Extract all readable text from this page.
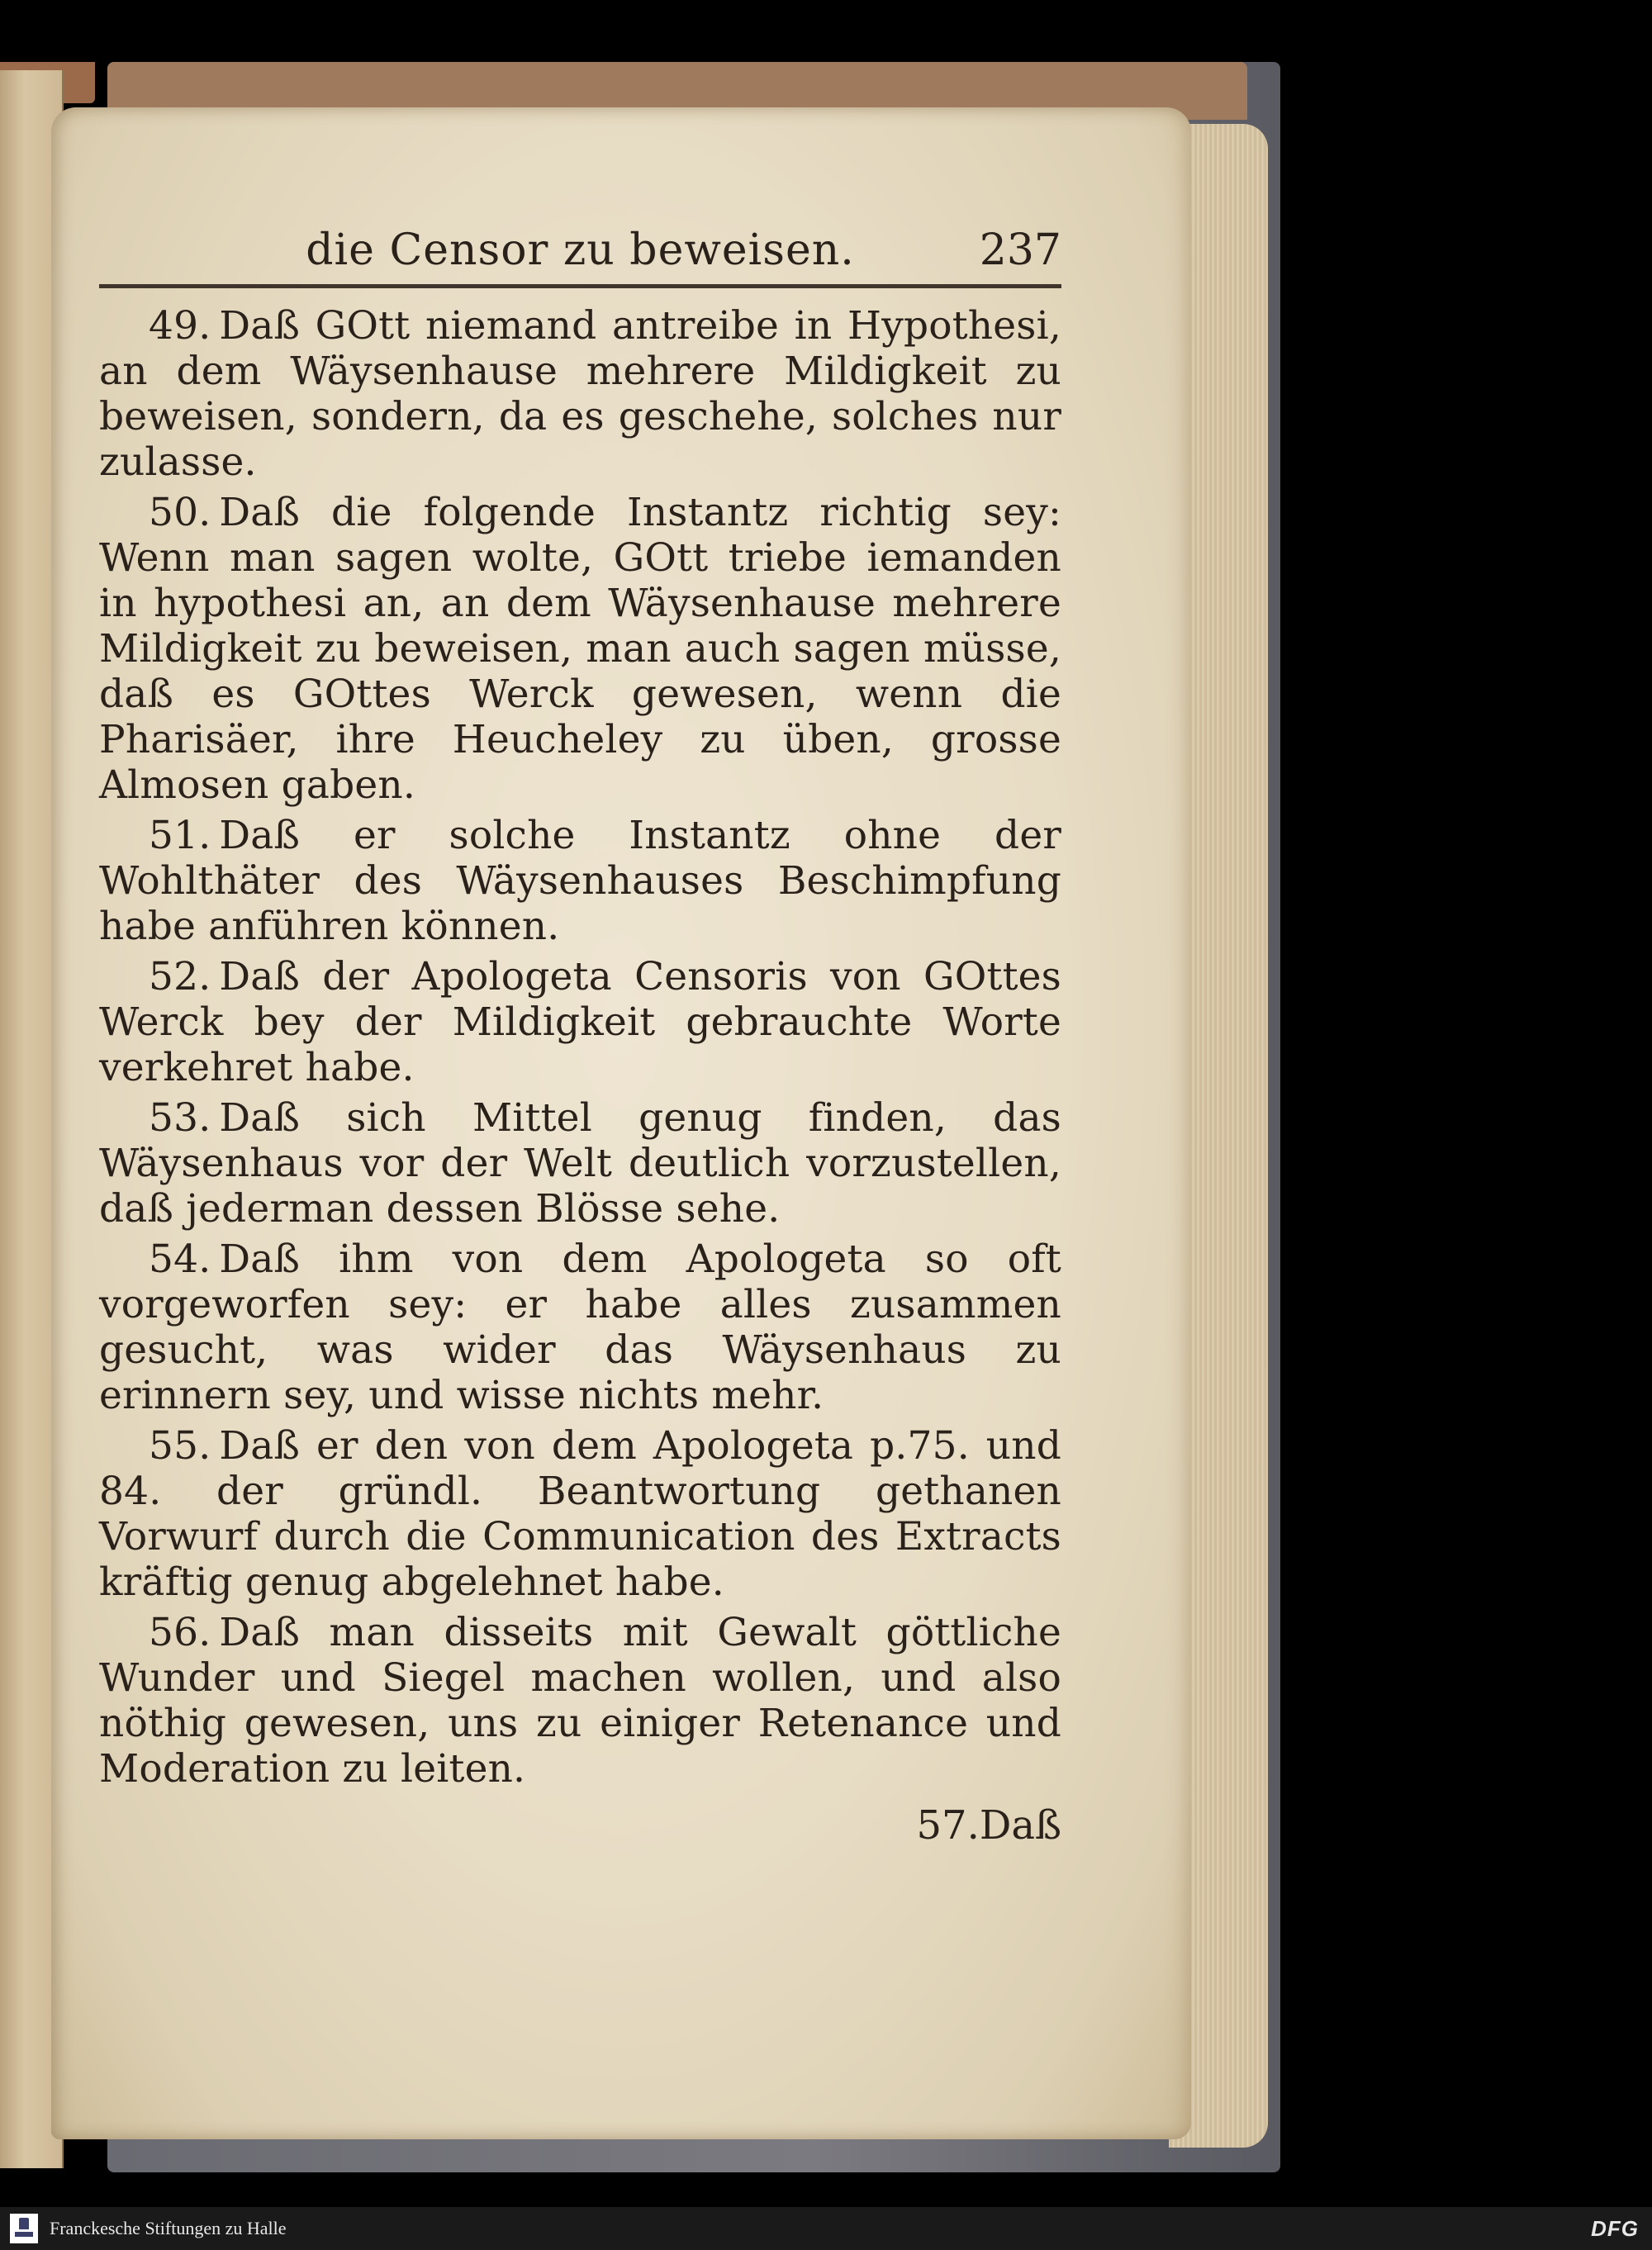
die Censor zu beweisen.	237

49. Daß GOtt niemand antreibe in Hypothesi, an dem Wäysenhause mehrere Mildigkeit zu beweisen, sondern, da es geschehe, solches nur zulasse.

50. Daß die folgende Instantz richtig sey: Wenn man sagen wolte, GOtt triebe iemanden in hypothesi an, an dem Wäysenhause mehrere Mildigkeit zu beweisen, man auch sagen müsse, daß es GOttes Werck gewesen, wenn die Pharisäer, ihre Heucheley zu üben, grosse Almosen gaben.

51. Daß er solche Instantz ohne der Wohlthäter des Wäysenhauses Beschimpfung habe anführen können.

52. Daß der Apologeta Censoris von GOttes Werck bey der Mildigkeit gebrauchte Worte verkehret habe.

53. Daß sich Mittel genug finden, das Wäysenhaus vor der Welt deutlich vorzustellen, daß jederman dessen Blösse sehe.

54. Daß ihm von dem Apologeta so oft vorgeworfen sey: er habe alles zusammen gesucht, was wider das Wäysenhaus zu erinnern sey, und wisse nichts mehr.

55. Daß er den von dem Apologeta p.75. und 84. der gründl. Beantwortung gethanen Vorwurf durch die Communication des Extracts kräftig genug abgelehnet habe.

56. Daß man disseits mit Gewalt göttliche Wunder und Siegel machen wollen, und also nöthig gewesen, uns zu einiger Retenance und Moderation zu leiten.

57.Daß
Franckesche Stiftungen zu Halle	DFG
